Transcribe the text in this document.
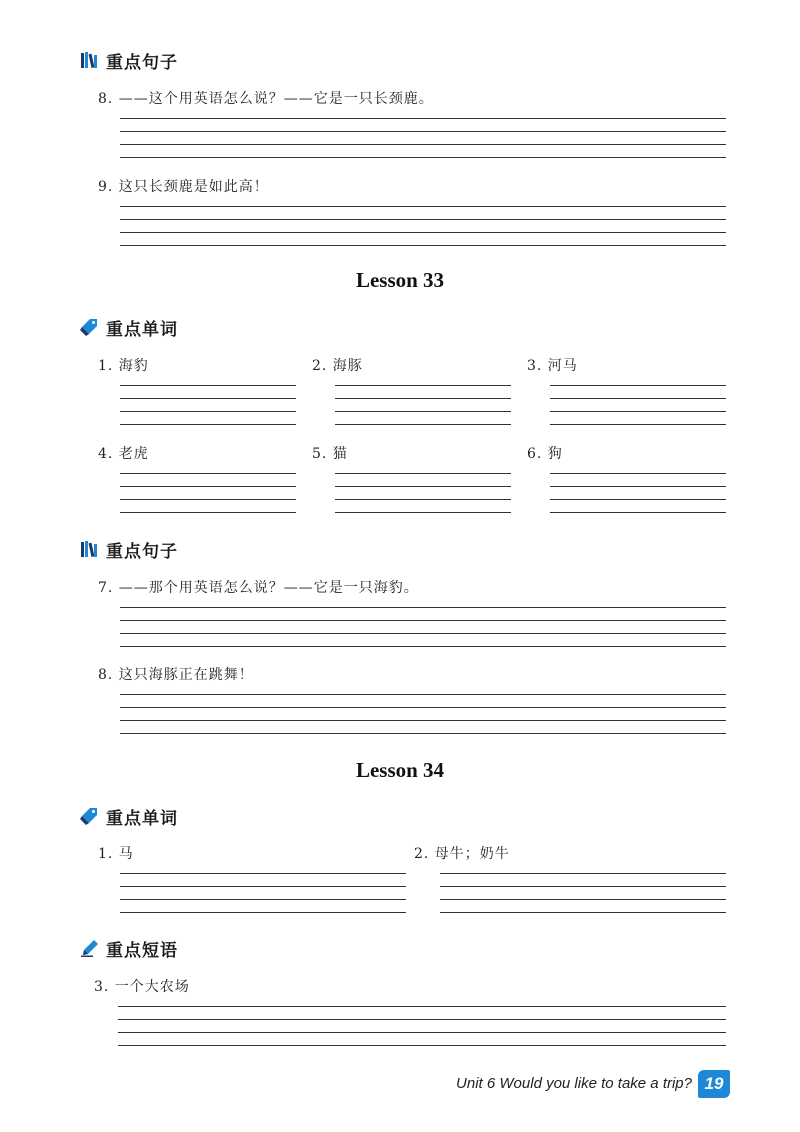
重点句子
8. ——这个用英语怎么说？——它是一只长颈鹿。
9. 这只长颈鹿是如此高！
Lesson 33
重点单词
1. 海豹	2. 海豚	3. 河马
4. 老虎	5. 猫	6. 狗
重点句子
7. ——那个用英语怎么说？——它是一只海豹。
8. 这只海豚正在跳舞！
Lesson 34
重点单词
1. 马	2. 母牛；奶牛
重点短语
3. 一个大农场
Unit 6 Would you like to take a trip? 19
